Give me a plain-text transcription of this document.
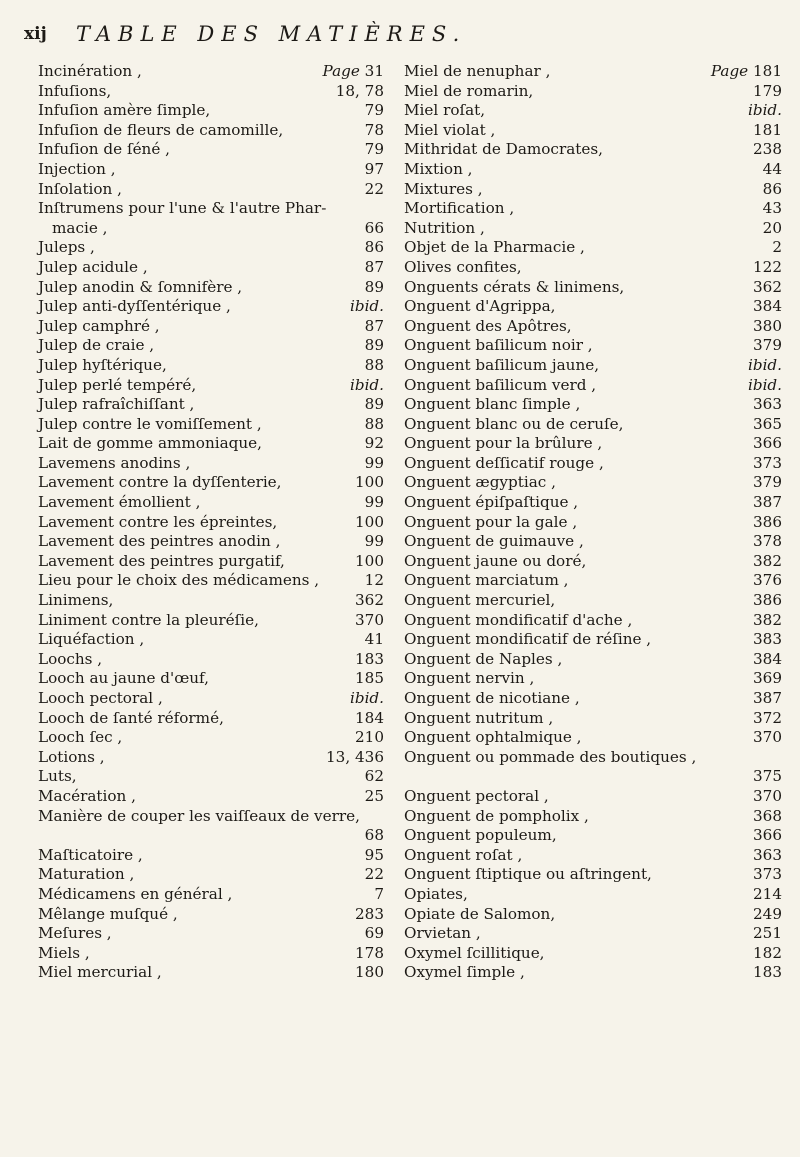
xij TABLE DES MATIÈRES.
Incinération ,	Page 31
Infuſions,	18, 78
Infuſion amère ſimple,	79
Infuſion de fleurs de camomille,	78
Infuſion de ſéné ,	79
Injection ,	97
Inſolation ,	22
Inſtrumens pour l'une & l'autre Phar-
macie ,	66
Juleps ,	86
Julep acidule ,	87
Julep anodin & ſomnifère ,	89
Julep anti-dyſſentérique ,	ibid.
Julep camphré ,	87
Julep de craie ,	89
Julep hyſtérique,	88
Julep perlé tempéré,	ibid.
Julep rafraîchiſſant ,	89
Julep contre le vomiſſement ,	88
Lait de gomme ammoniaque,	92
Lavemens anodins ,	99
Lavement contre la dyſſenterie,	100
Lavement émollient ,	99
Lavement contre les épreintes,	100
Lavement des peintres anodin ,	99
Lavement des peintres purgatif,	100
Lieu pour le choix des médicamens ,	12
Linimens,	362
Liniment contre la pleuréſie,	370
Liquéfaction ,	41
Loochs ,	183
Looch au jaune d'œuf,	185
Looch pectoral ,	ibid.
Looch de ſanté réformé,	184
Looch ſec ,	210
Lotions ,	13, 436
Luts,	62
Macération ,	25
Manière de couper les vaiſſeaux de verre,
68
Maſticatoire ,	95
Maturation ,	22
Médicamens en général ,	7
Mêlange muſqué ,	283
Meſures ,	69
Miels ,	178
Miel mercurial ,	180
Miel de nenuphar ,	Page 181
Miel de romarin,	179
Miel roſat,	ibid.
Miel violat ,	181
Mithridat de Damocrates,	238
Mixtion ,	44
Mixtures ,	86
Mortification ,	43
Nutrition ,	20
Objet de la Pharmacie ,	2
Olives confites,	122
Onguents cérats & linimens,	362
Onguent d'Agrippa,	384
Onguent des Apôtres,	380
Onguent baſilicum noir ,	379
Onguent baſilicum jaune,	ibid.
Onguent baſilicum verd ,	ibid.
Onguent blanc ſimple ,	363
Onguent blanc ou de ceruſe,	365
Onguent pour la brûlure ,	366
Onguent deſſicatif rouge ,	373
Onguent ægyptiac ,	379
Onguent épiſpaſtique ,	387
Onguent pour la gale ,	386
Onguent de guimauve ,	378
Onguent jaune ou doré,	382
Onguent marciatum ,	376
Onguent mercuriel,	386
Onguent mondificatif d'ache ,	382
Onguent mondificatif de réſine ,	383
Onguent de Naples ,	384
Onguent nervin ,	369
Onguent de nicotiane ,	387
Onguent nutritum ,	372
Onguent ophtalmique ,	370
Onguent ou pommade des boutiques ,
375
Onguent pectoral ,	370
Onguent de pompholix ,	368
Onguent populeum,	366
Onguent roſat ,	363
Onguent ſtiptique ou aſtringent,	373
Opiates,	214
Opiate de Salomon,	249
Orvietan ,	251
Oxymel ſcillitique,	182
Oxymel ſimple ,	183
